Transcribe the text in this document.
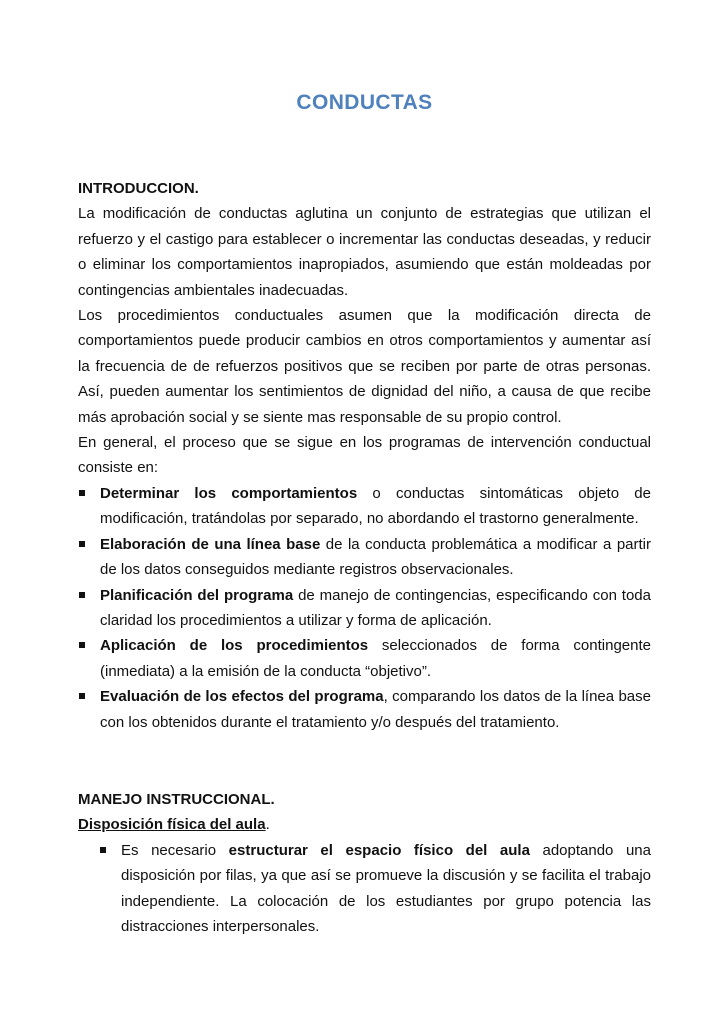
CONDUCTAS

INTRODUCCION.

La modificación de conductas aglutina un conjunto de estrategias que utilizan el refuerzo y el castigo para establecer o incrementar las conductas deseadas, y reducir o eliminar los comportamientos inapropiados, asumiendo que están moldeadas por contingencias ambientales inadecuadas.

Los procedimientos conductuales asumen que la modificación directa de comportamientos puede producir cambios en otros comportamientos y aumentar así la frecuencia de de refuerzos positivos que se reciben por parte de otras personas. Así, pueden aumentar los sentimientos de dignidad del niño, a causa de que recibe más aprobación social y se siente mas responsable de su propio control.

En general, el proceso que se sigue en los programas de intervención conductual consiste en:

Determinar los comportamientos o conductas sintomáticas objeto de modificación, tratándolas por separado, no abordando el trastorno generalmente.
Elaboración de una línea base de la conducta problemática a modificar a partir de los datos conseguidos mediante registros observacionales.
Planificación del programa de manejo de contingencias, especificando con toda claridad los procedimientos a utilizar y forma de aplicación.
Aplicación de los procedimientos seleccionados de forma contingente (inmediata) a la emisión de la conducta “objetivo”.
Evaluación de los efectos del programa, comparando los datos de la línea base con los obtenidos durante el tratamiento y/o después del tratamiento.

MANEJO INSTRUCCIONAL.

Disposición física del aula.

Es necesario estructurar el espacio físico del aula adoptando una disposición por filas, ya que así se promueve la discusión y se facilita el trabajo independiente. La colocación de los estudiantes por grupo potencia las distracciones interpersonales.
